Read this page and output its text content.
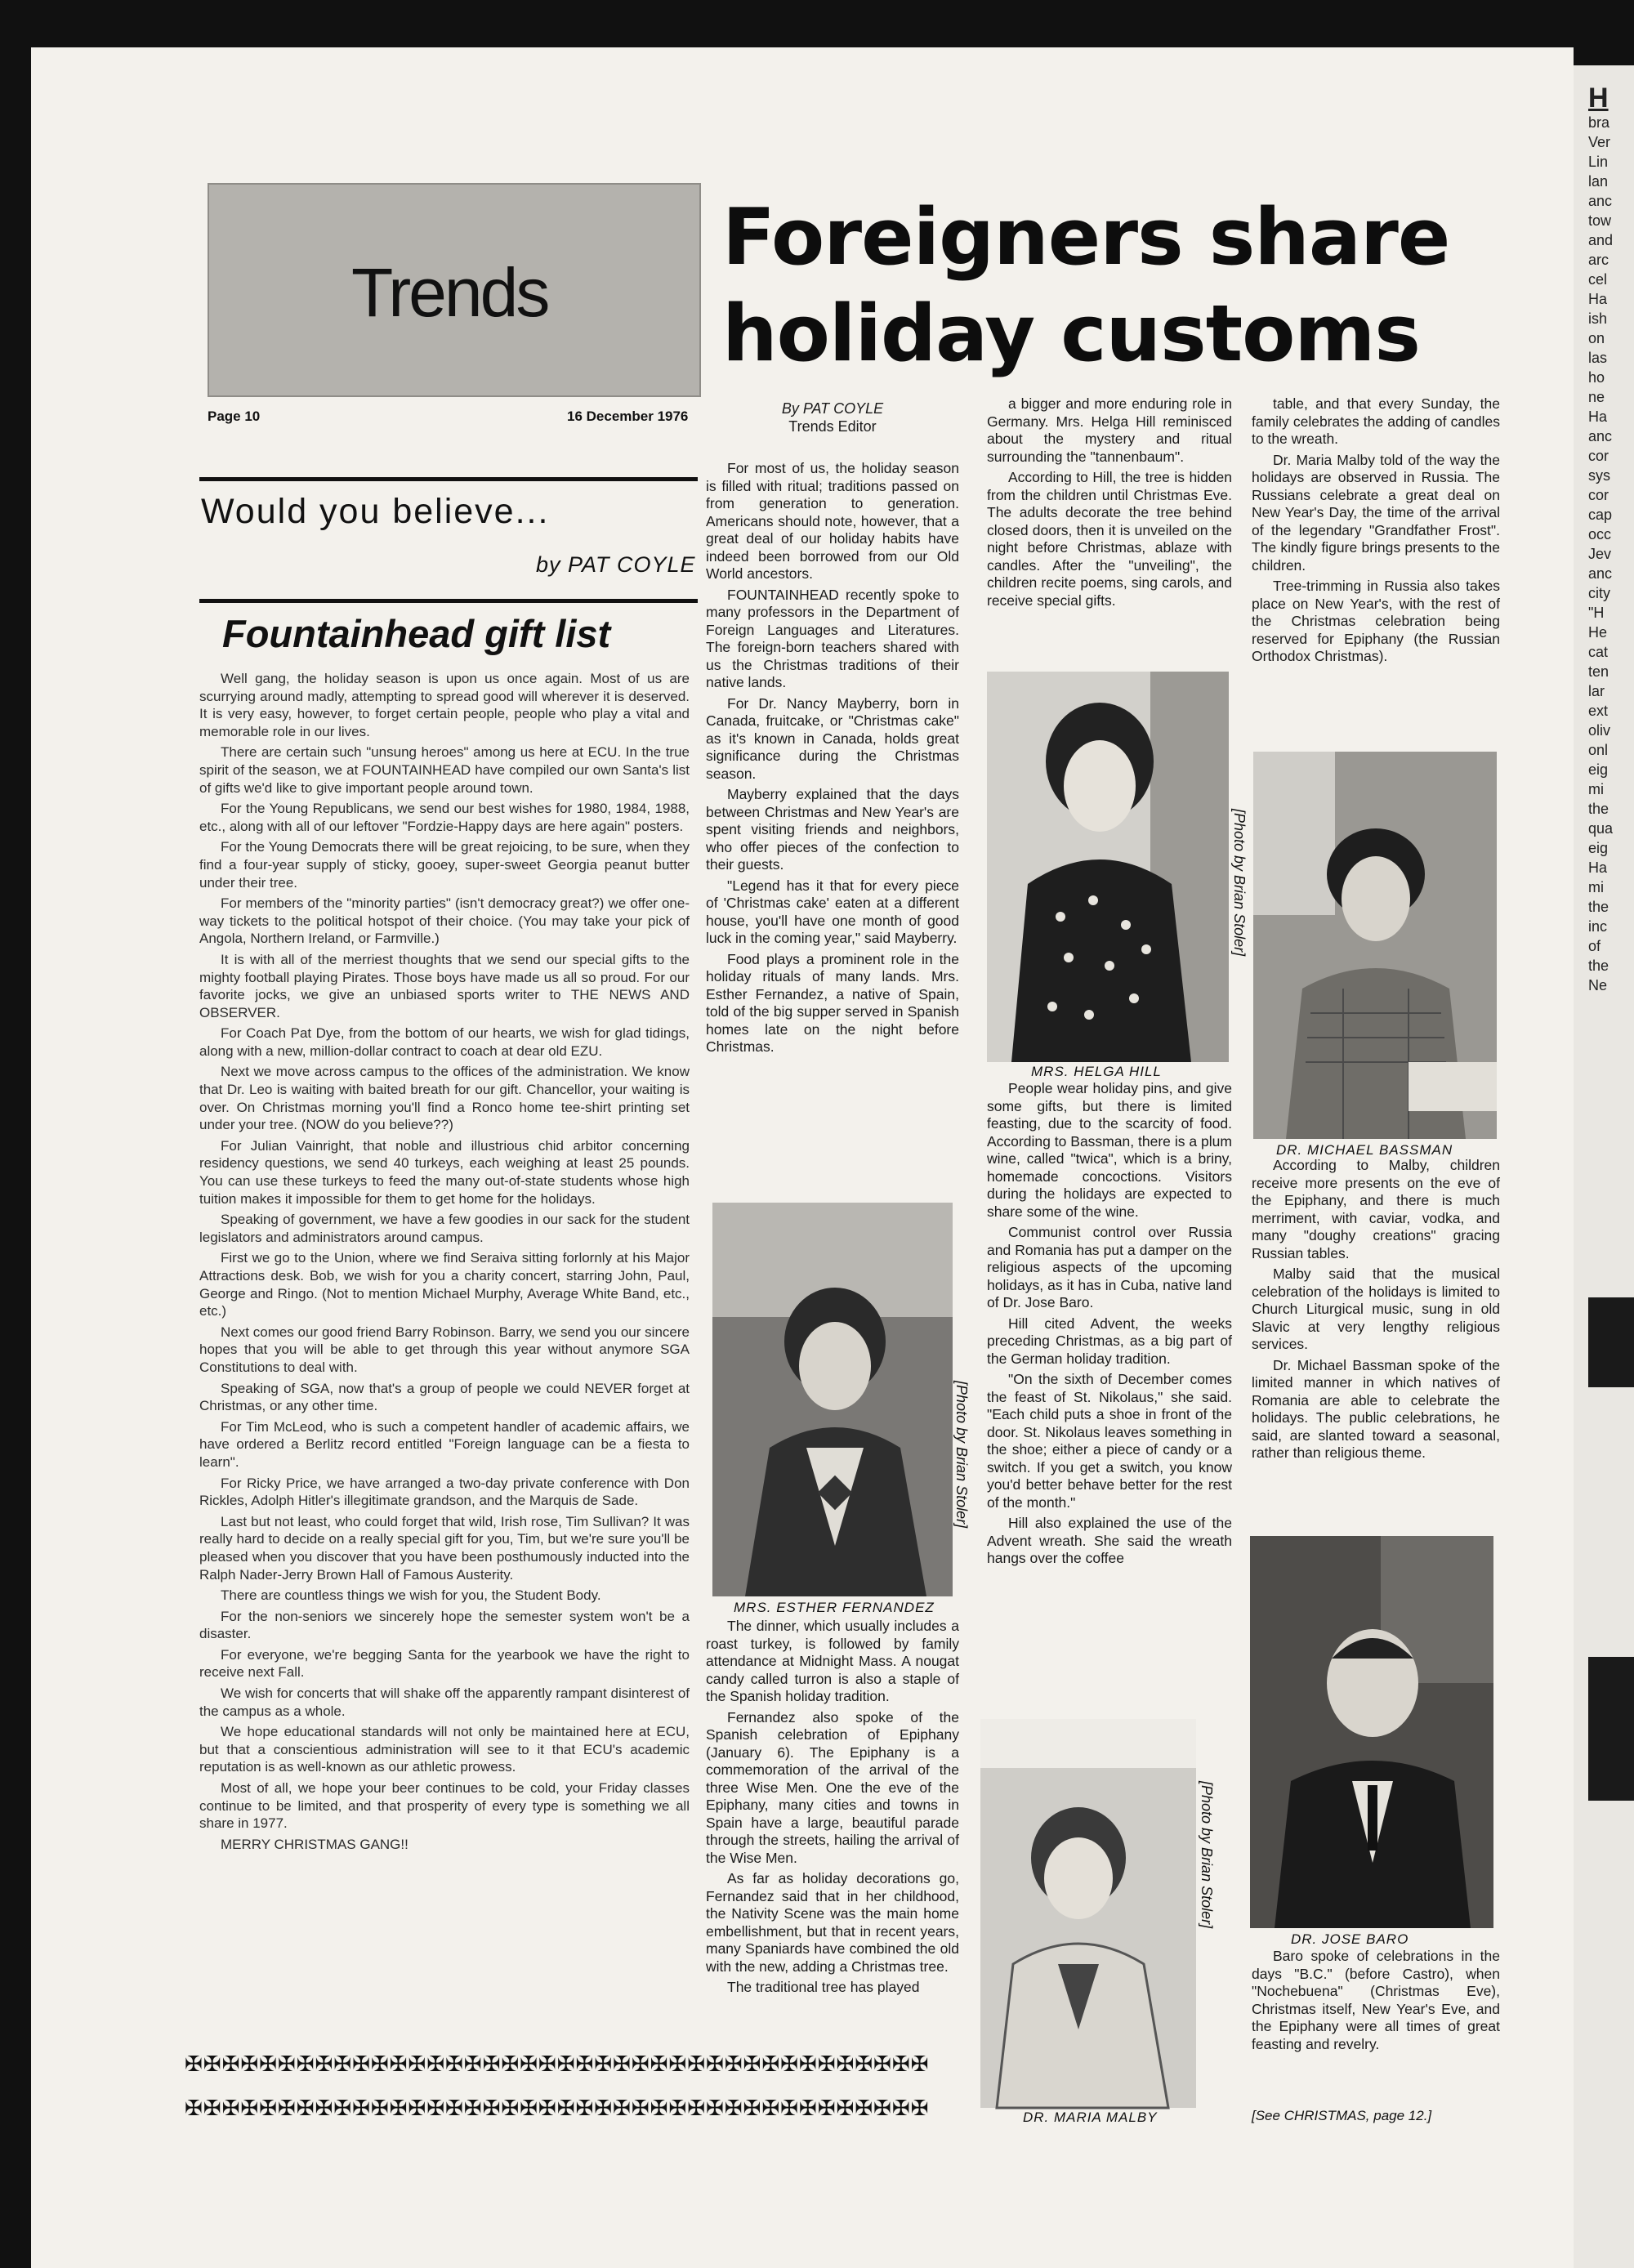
H
bra
Ver
Lin
lan
anc
tow
and
arc
cel
Ha
ish
on
las
ho
ne
Ha
anc
cor
sys
cor
cap
occ
Jev
anc
city
"H
He
cat
ten
lar
ext
oliv
onl
eig
mi
the
qua
eig
Ha
mi
the
inc
of
the
Ne
Trends
Page 10	16 December 1976
Foreigners share
holiday customs
Would you believe...
by PAT COYLE
Fountainhead gift list

Well gang, the holiday season is upon us once again. Most of us are scurrying around madly, attempting to spread good will wherever it is deserved. It is very easy, however, to forget certain people, people who play a vital and memorable role in our lives.

There are certain such "unsung heroes" among us here at ECU. In the true spirit of the season, we at FOUNTAINHEAD have compiled our own Santa's list of gifts we'd like to give important people around town.

For the Young Republicans, we send our best wishes for 1980, 1984, 1988, etc., along with all of our leftover "Fordzie-Happy days are here again" posters.

For the Young Democrats there will be great rejoicing, to be sure, when they find a four-year supply of sticky, gooey, super-sweet Georgia peanut butter under their tree.

For members of the "minority parties" (isn't democracy great?) we offer one-way tickets to the political hotspot of their choice. (You may take your pick of Angola, Northern Ireland, or Farmville.)

It is with all of the merriest thoughts that we send our special gifts to the mighty football playing Pirates. Those boys have made us all so proud. For our favorite jocks, we give an unbiased sports writer to THE NEWS AND OBSERVER.

For Coach Pat Dye, from the bottom of our hearts, we wish for glad tidings, along with a new, million-dollar contract to coach at dear old EZU.

Next we move across campus to the offices of the administration. We know that Dr. Leo is waiting with baited breath for our gift. Chancellor, your waiting is over. On Christmas morning you'll find a Ronco home tee-shirt printing set under your tree. (NOW do you believe??)

For Julian Vainright, that noble and illustrious chid arbitor concerning residency questions, we send 40 turkeys, each weighing at least 25 pounds. You can use these turkeys to feed the many out-of-state students whose high tuition makes it impossible for them to get home for the holidays.

Speaking of government, we have a few goodies in our sack for the student legislators and administrators around campus.

First we go to the Union, where we find Seraiva sitting forlornly at his Major Attractions desk. Bob, we wish for you a charity concert, starring John, Paul, George and Ringo. (Not to mention Michael Murphy, Average White Band, etc., etc.)

Next comes our good friend Barry Robinson. Barry, we send you our sincere hopes that you will be able to get through this year without anymore SGA Constitutions to deal with.

Speaking of SGA, now that's a group of people we could NEVER forget at Christmas, or any other time.

For Tim McLeod, who is such a competent handler of academic affairs, we have ordered a Berlitz record entitled "Foreign language can be a fiesta to learn".

For Ricky Price, we have arranged a two-day private conference with Don Rickles, Adolph Hitler's illegitimate grandson, and the Marquis de Sade.

Last but not least, who could forget that wild, Irish rose, Tim Sullivan? It was really hard to decide on a really special gift for you, Tim, but we're sure you'll be pleased when you discover that you have been posthumously inducted into the Ralph Nader-Jerry Brown Hall of Famous Austerity.

There are countless things we wish for you, the Student Body.

For the non-seniors we sincerely hope the semester system won't be a disaster.

For everyone, we're begging Santa for the yearbook we have the right to receive next Fall.

We wish for concerts that will shake off the apparently rampant disinterest of the campus as a whole.

We hope educational standards will not only be maintained here at ECU, but that a conscientious administration will see to it that ECU's academic reputation is as well-known as our athletic prowess.

Most of all, we hope your beer continues to be cold, your Friday classes continue to be limited, and that prosperity of every type is something we all share in 1977.

MERRY CHRISTMAS GANG!!

✠✠✠✠✠✠✠✠✠✠✠✠✠✠✠✠✠✠✠✠✠✠✠✠✠✠✠✠✠✠✠✠✠✠✠✠✠✠✠✠
✠✠✠✠✠✠✠✠✠✠✠✠✠✠✠✠✠✠✠✠✠✠✠✠✠✠✠✠✠✠✠✠✠✠✠✠✠✠✠✠
By PAT COYLE
Trends Editor

For most of us, the holiday season is filled with ritual; traditions passed on from generation to generation. Americans should note, however, that a great deal of our holiday habits have indeed been borrowed from our Old World ancestors.

FOUNTAINHEAD recently spoke to many professors in the Department of Foreign Languages and Literatures. The foreign-born teachers shared with us the Christmas traditions of their native lands.

For Dr. Nancy Mayberry, born in Canada, fruitcake, or "Christmas cake" as it's known in Canada, holds great significance during the Christmas season.

Mayberry explained that the days between Christmas and New Year's are spent visiting friends and neighbors, who offer pieces of the confection to their guests.

"Legend has it that for every piece of 'Christmas cake' eaten at a different house, you'll have one month of good luck in the coming year," said Mayberry.

Food plays a prominent role in the holiday rituals of many lands. Mrs. Esther Fernandez, a native of Spain, told of the big supper served in Spanish homes late on the night before Christmas.

[Photo by Brian Stoler]
MRS. ESTHER FERNANDEZ

The dinner, which usually includes a roast turkey, is followed by family attendance at Midnight Mass. A nougat candy called turron is also a staple of the Spanish holiday tradition.

Fernandez also spoke of the Spanish celebration of Epiphany (January 6). The Epiphany is a commemoration of the arrival of the three Wise Men. One the eve of the Epiphany, many cities and towns in Spain have a large, beautiful parade through the streets, hailing the arrival of the Wise Men.

As far as holiday decorations go, Fernandez said that in her childhood, the Nativity Scene was the main home embellishment, but that in recent years, many Spaniards have combined the old with the new, adding a Christmas tree.

The traditional tree has played

a bigger and more enduring role in Germany. Mrs. Helga Hill reminisced about the mystery and ritual surrounding the "tannenbaum".

According to Hill, the tree is hidden from the children until Christmas Eve. The adults decorate the tree behind closed doors, then it is unveiled on the night before Christmas, ablaze with candles. After the "unveiling", the children recite poems, sing carols, and receive special gifts.

[Photo by Brian Stoler]
MRS. HELGA HILL

People wear holiday pins, and give some gifts, but there is limited feasting, due to the scarcity of food. According to Bassman, there is a plum wine, called "twica", which is a briny, homemade concoctions. Visitors during the holidays are expected to share some of the wine.

Communist control over Russia and Romania has put a damper on the religious aspects of the upcoming holidays, as it has in Cuba, native land of Dr. Jose Baro.

Hill cited Advent, the weeks preceding Christmas, as a big part of the German holiday tradition.

"On the sixth of December comes the feast of St. Nikolaus," she said. "Each child puts a shoe in front of the door. St. Nikolaus leaves something in the shoe; either a piece of candy or a switch. If you get a switch, you know you'd better behave better for the rest of the month."

Hill also explained the use of the Advent wreath. She said the wreath hangs over the coffee

[Photo by Brian Stoler]
DR. MARIA MALBY

table, and that every Sunday, the family celebrates the adding of candles to the wreath.

Dr. Maria Malby told of the way the holidays are observed in Russia. The Russians celebrate a great deal on New Year's Day, the time of the arrival of the legendary "Grandfather Frost". The kindly figure brings presents to the children.

Tree-trimming in Russia also takes place on New Year's, with the rest of the Christmas celebration being reserved for Epiphany (the Russian Orthodox Christmas).

DR. MICHAEL BASSMAN

According to Malby, children receive more presents on the eve of the Epiphany, and there is much merriment, with caviar, vodka, and many "doughy creations" gracing Russian tables.

Malby said that the musical celebration of the holidays is limited to Church Liturgical music, sung in old Slavic at very lengthy religious services.

Dr. Michael Bassman spoke of the limited manner in which natives of Romania are able to celebrate the holidays. The public celebrations, he said, are slanted toward a seasonal, rather than religious theme.

DR. JOSE BARO

Baro spoke of celebrations in the days "B.C." (before Castro), when "Nochebuena" (Christmas Eve), Christmas itself, New Year's Eve, and the Epiphany were all times of great feasting and revelry.

[See CHRISTMAS, page 12.]
